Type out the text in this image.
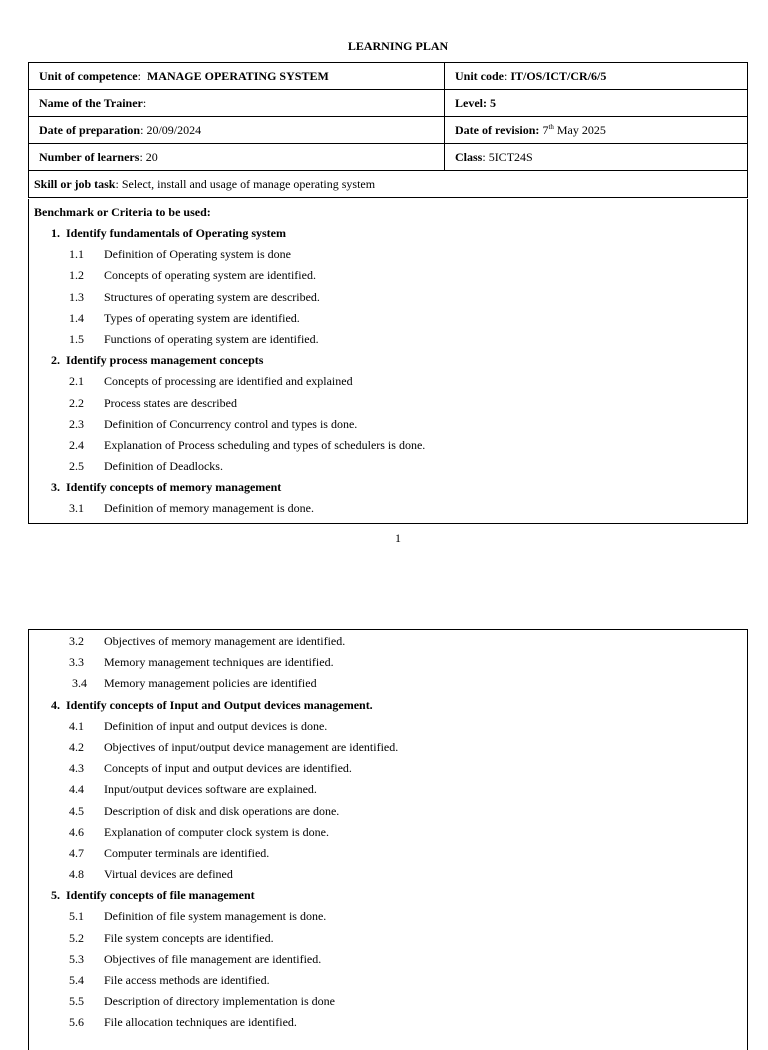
LEARNING PLAN
Unit of competence:  MANAGE OPERATING SYSTEM	Unit code: IT/OS/ICT/CR/6/5
Name of the Trainer:	Level: 5
Date of preparation: 20/09/2024	Date of revision: 7th May 2025
Number of learners: 20	Class: 5ICT24S
Skill or job task: Select, install and usage of manage operating system	
Benchmark or Criteria to be used:
1.  Identify fundamentals of Operating system
1.1 Definition of Operating system is done
1.2 Concepts of operating system are identified.
1.3 Structures of operating system are described.
1.4 Types of operating system are identified.
1.5 Functions of operating system are identified.
2.  Identify process management concepts
2.1 Concepts of processing are identified and explained
2.2 Process states are described
2.3 Definition of Concurrency control and types is done.
2.4 Explanation of Process scheduling and types of schedulers is done.
2.5 Definition of Deadlocks.
3.  Identify concepts of memory management
3.1 Definition of memory management is done.
1
3.2 Objectives of memory management are identified.
3.3 Memory management techniques are identified.
3.4 Memory management policies are identified
4.  Identify concepts of Input and Output devices management.
4.1 Definition of input and output devices is done.
4.2 Objectives of input/output device management are identified.
4.3 Concepts of input and output devices are identified.
4.4 Input/output devices software are explained.
4.5 Description of disk and disk operations are done.
4.6 Explanation of computer clock system is done.
4.7 Computer terminals are identified.
4.8 Virtual devices are defined
5.  Identify concepts of file management
5.1 Definition of file system management is done.
5.2 File system concepts are identified.
5.3 Objectives of file management are identified.
5.4 File access methods are identified.
5.5 Description of directory implementation is done
5.6 File allocation techniques are identified.
